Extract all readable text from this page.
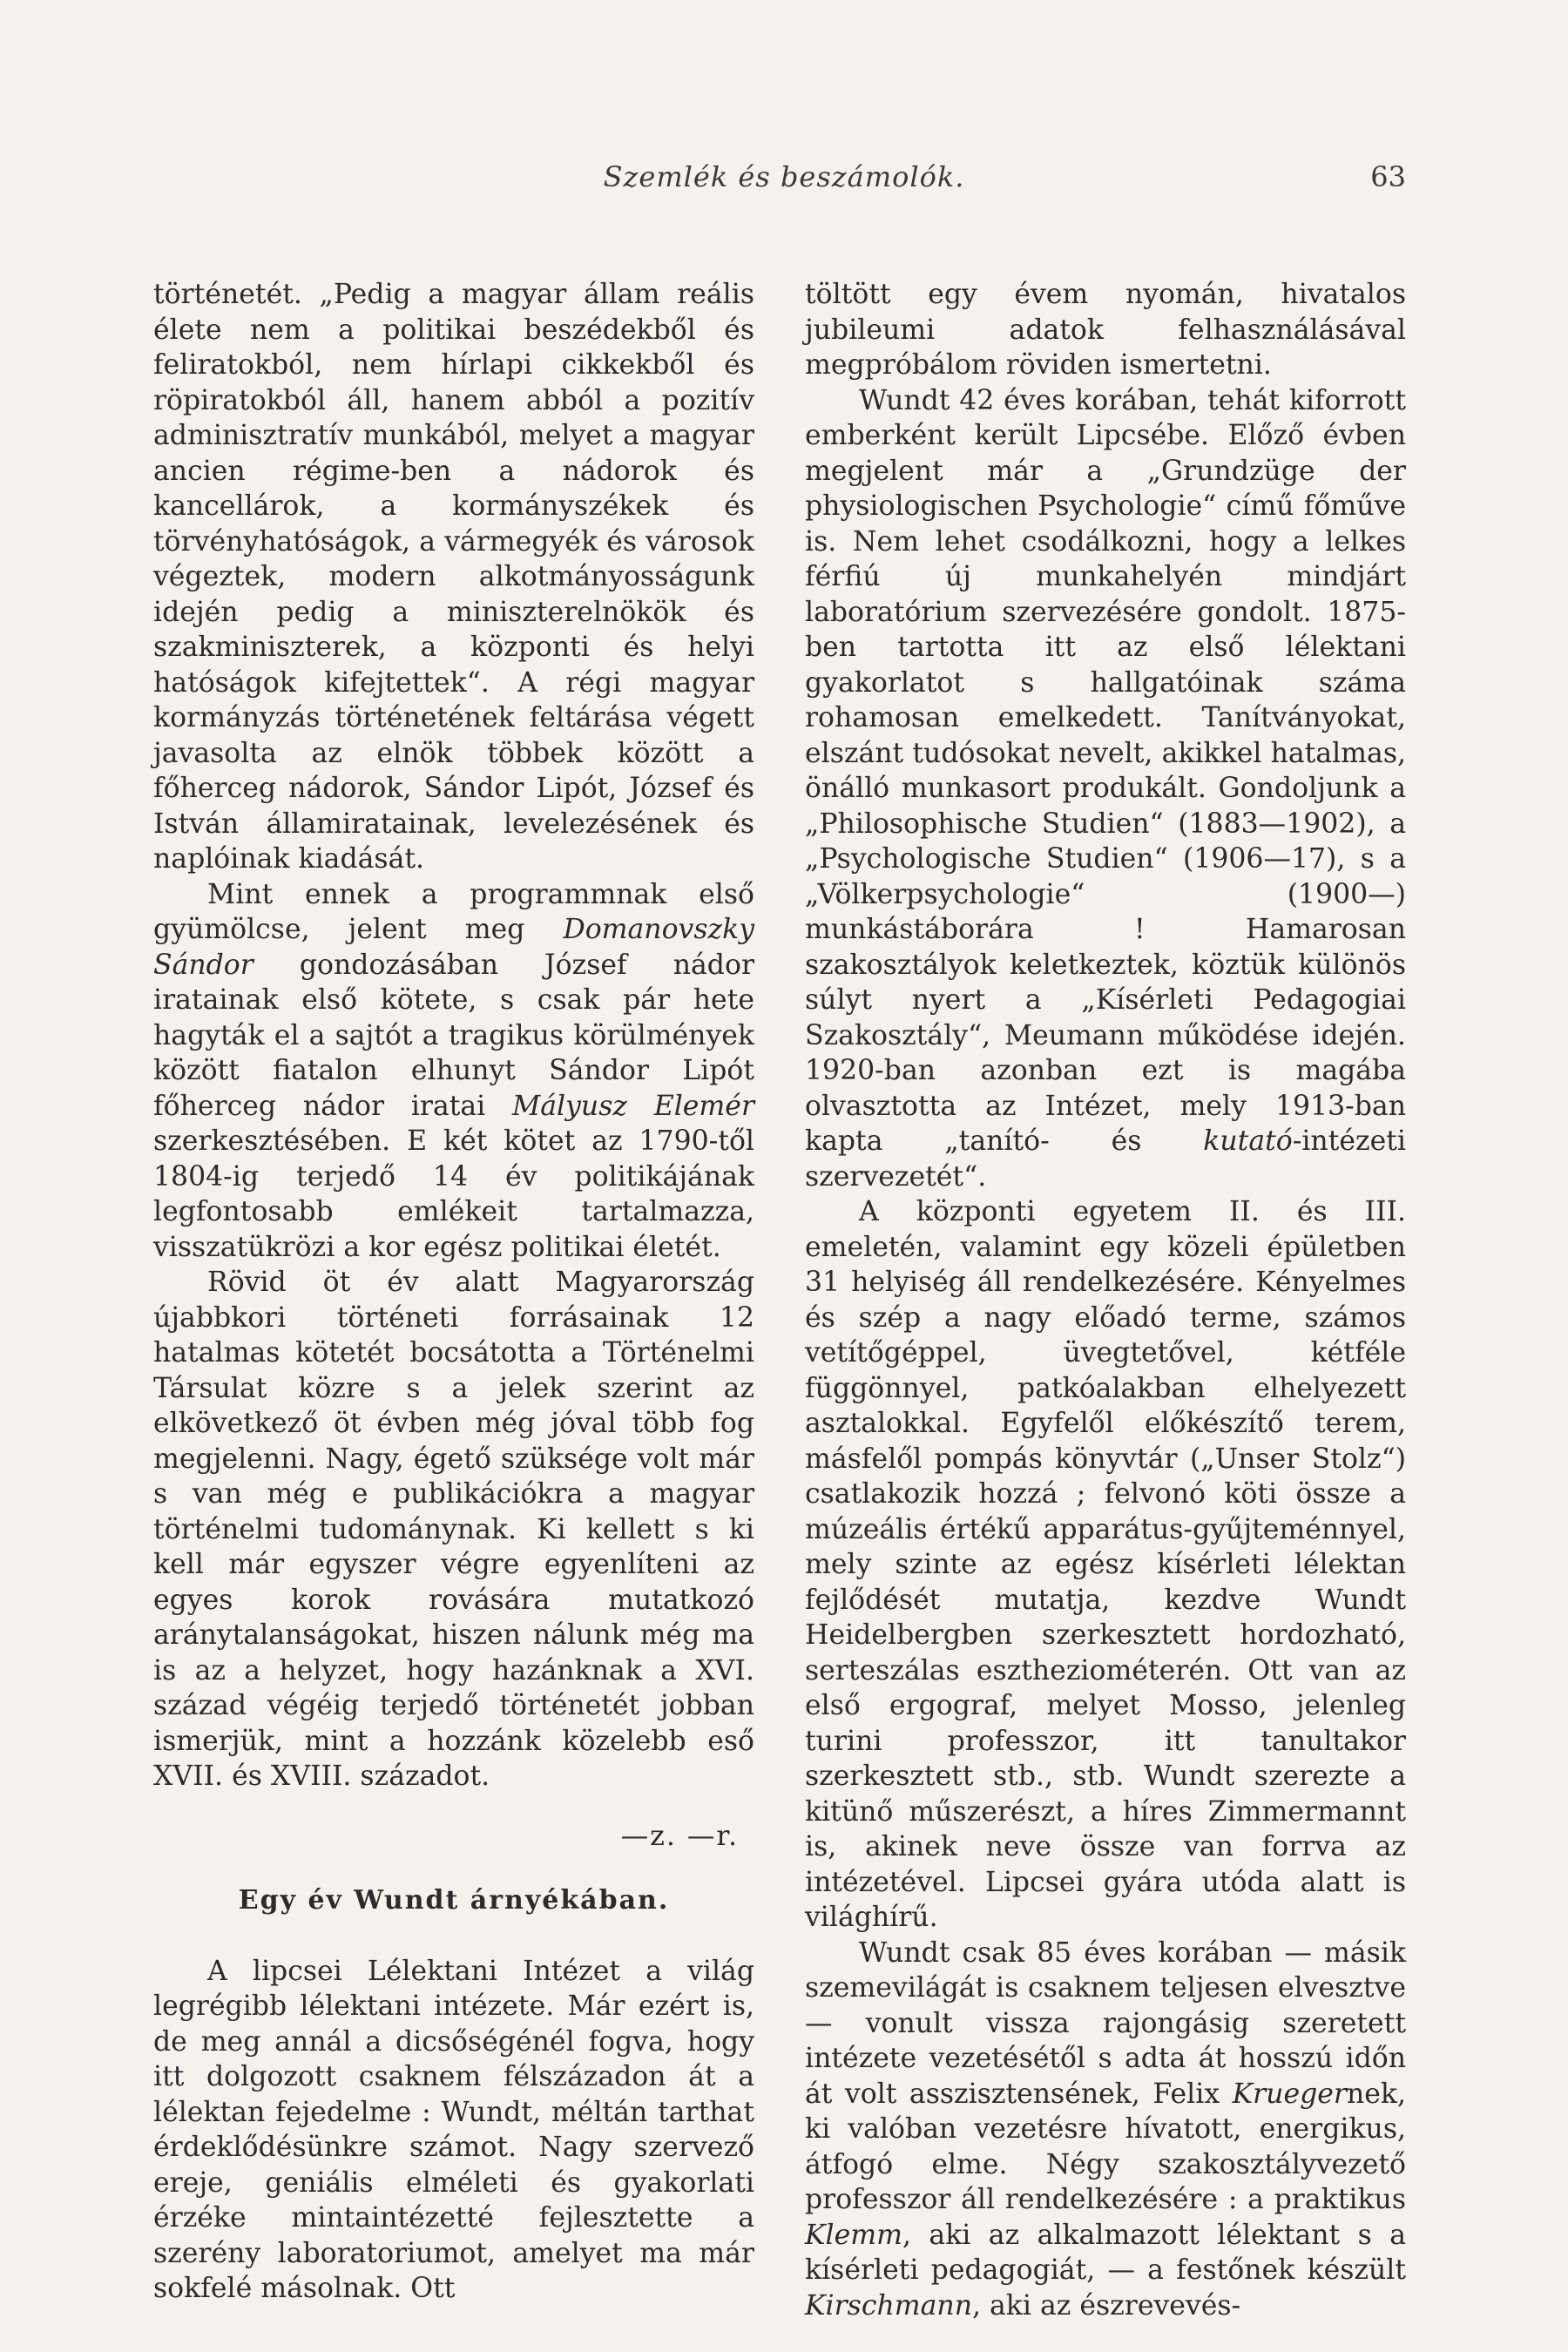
Szemlék és beszámolók.	63

történetét. „Pedig a magyar állam reális élete nem a politikai beszédekből és feliratokból, nem hírlapi cikkekből és röpiratokból áll, hanem abból a pozitív adminisztratív munkából, melyet a magyar ancien régime-ben a nádorok és kancellárok, a kormányszékek és törvényhatóságok, a vármegyék és városok végeztek, modern alkotmányosságunk idején pedig a miniszterelnökök és szakminiszterek, a központi és helyi hatóságok kifejtettek“. A régi magyar kormányzás történetének feltárása végett javasolta az elnök többek között a főherceg nádorok, Sándor Lipót, József és István államiratainak, levelezésének és naplóinak kiadását.

Mint ennek a programmnak első gyümölcse, jelent meg Domanovszky Sándor gondozásában József nádor iratainak első kötete, s csak pár hete hagyták el a sajtót a tragikus körülmények között fiatalon elhunyt Sándor Lipót főherceg nádor iratai Mályusz Elemér szerkesztésében. E két kötet az 1790-től 1804-ig terjedő 14 év politikájának legfontosabb emlékeit tartalmazza, visszatükrözi a kor egész politikai életét.

Rövid öt év alatt Magyarország újabbkori történeti forrásainak 12 hatalmas kötetét bocsátotta a Történelmi Társulat közre s a jelek szerint az elkövetkező öt évben még jóval több fog megjelenni. Nagy, égető szüksége volt már s van még e publikációkra a magyar történelmi tudománynak. Ki kellett s ki kell már egyszer végre egyenlíteni az egyes korok rovására mutatkozó aránytalanságokat, hiszen nálunk még ma is az a helyzet, hogy hazánknak a XVI. század végéig terjedő történetét jobban ismerjük, mint a hozzánk közelebb eső XVII. és XVIII. századot.

—z. —r.
Egy év Wundt árnyékában.

A lipcsei Lélektani Intézet a világ legrégibb lélektani intézete. Már ezért is, de meg annál a dicsőségénél fogva, hogy itt dolgozott csaknem félszázadon át a lélektan fejedelme : Wundt, méltán tarthat érdeklődésünkre számot. Nagy szervező ereje, geniális elméleti és gyakorlati érzéke mintaintézetté fejlesztette a szerény laboratoriumot, amelyet ma már sokfelé másolnak. Ott

töltött egy évem nyomán, hivatalos jubileumi adatok felhasználásával megpróbálom röviden ismertetni.

Wundt 42 éves korában, tehát kiforrott emberként került Lipcsébe. Előző évben megjelent már a „Grundzüge der physiologischen Psychologie“ című főműve is. Nem lehet csodálkozni, hogy a lelkes férfiú új munkahelyén mindjárt laboratórium szervezésére gondolt. 1875-ben tartotta itt az első lélektani gyakorlatot s hallgatóinak száma rohamosan emelkedett. Tanítványokat, elszánt tudósokat nevelt, akikkel hatalmas, önálló munkasort produkált. Gondoljunk a „Philosophische Studien“ (1883—1902), a „Psychologische Studien“ (1906—17), s a „Völkerpsychologie“ (1900—) munkástáborára ! Hamarosan szakosztályok keletkeztek, köztük különös súlyt nyert a „Kísérleti Pedagogiai Szakosztály“, Meumann működése idején. 1920-ban azonban ezt is magába olvasztotta az Intézet, mely 1913-ban kapta „tanító- és kutató-intézeti szervezetét“.

A központi egyetem II. és III. emeletén, valamint egy közeli épületben 31 helyiség áll rendelkezésére. Kényelmes és szép a nagy előadó terme, számos vetítőgéppel, üvegtetővel, kétféle függönnyel, patkóalakban elhelyezett asztalokkal. Egyfelől előkészítő terem, másfelől pompás könyvtár („Unser Stolz“) csatlakozik hozzá ; felvonó köti össze a múzeális értékű apparátus-gyűjteménnyel, mely szinte az egész kísérleti lélektan fejlődését mutatja, kezdve Wundt Heidelbergben szerkesztett hordozható, serteszálas esztheziométerén. Ott van az első ergograf, melyet Mosso, jelenleg turini professzor, itt tanultakor szerkesztett stb., stb. Wundt szerezte a kitünő műszerészt, a híres Zimmermannt is, akinek neve össze van forrva az intézetével. Lipcsei gyára utóda alatt is világhírű.

Wundt csak 85 éves korában — másik szemevilágát is csaknem teljesen elvesztve — vonult vissza rajongásig szeretett intézete vezetésétől s adta át hosszú időn át volt asszisztensének, Felix Kruegernek, ki valóban vezetésre hívatott, energikus, átfogó elme. Négy szakosztályvezető professzor áll rendelkezésére : a praktikus Klemm, aki az alkalmazott lélektant s a kísérleti pedagogiát, — a festőnek készült Kirschmann, aki az észrevevés-
